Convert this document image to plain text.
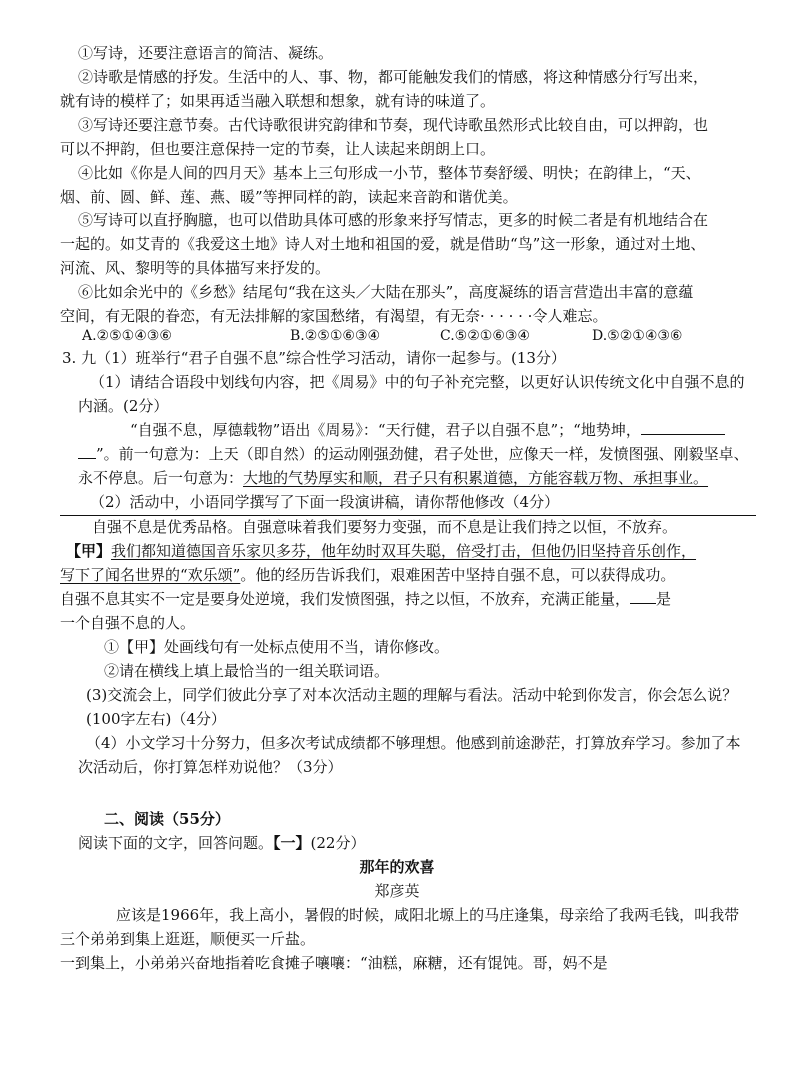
①写诗，还要注意语言的简洁、凝练。
②诗歌是情感的抒发。生活中的人、事、物，都可能触发我们的情感，将这种情感分行写出来，
就有诗的模样了；如果再适当融入联想和想象，就有诗的味道了。
③写诗还要注意节奏。古代诗歌很讲究韵律和节奏，现代诗歌虽然形式比较自由，可以押韵，也
可以不押韵，但也要注意保持一定的节奏，让人读起来朗朗上口。
④比如《你是人间的四月天》基本上三句形成一小节，整体节奏舒缓、明快；在韵律上，“天、
烟、前、圆、鲜、莲、燕、暖”等押同样的韵，读起来音韵和谐优美。
⑤写诗可以直抒胸臆，也可以借助具体可感的形象来抒写情志，更多的时候二者是有机地结合在
一起的。如艾青的《我爱这土地》诗人对土地和祖国的爱，就是借助“鸟”这一形象，通过对土地、
河流、风、黎明等的具体描写来抒发的。
⑥比如余光中的《乡愁》结尾句“我在这头／大陆在那头”，高度凝练的语言营造出丰富的意蕴
空间，有无限的眷恋，有无法排解的家国愁绪，有渴望，有无奈· · · · · ·令人难忘。
A.②⑤①④③⑥	B.②⑤①⑥③④	C.⑤②①⑥③④	D.⑤②①④③⑥
3. 九（1）班举行“君子自强不息”综合性学习活动，请你一起参与。(13分）
（1）请结合语段中划线句内容，把《周易》中的句子补充完整，以更好认识传统文化中自强不息的
内涵。(2分）
“自强不息，厚德载物”语出《周易》：“天行健，君子以自强不息”；“地势坤，
”。前一句意为：上天（即自然）的运动刚强劲健，君子处世，应像天一样，发愤图强、刚毅坚卓、
永不停息。后一句意为：大地的气势厚实和顺，君子只有积累道德，方能容载万物、承担事业。
（2）活动中，小语同学撰写了下面一段演讲稿，请你帮他修改（4分）
自强不息是优秀品格。自强意味着我们要努力变强，而不息是让我们持之以恒，不放弃。
【甲】我们都知道德国音乐家贝多芬，他年幼时双耳失聪，倍受打击，但他仍旧坚持音乐创作，
写下了闻名世界的“欢乐颂”。他的经历告诉我们，艰难困苦中坚持自强不息，可以获得成功。
自强不息其实不一定是要身处逆境，我们发愤图强，持之以恒，不放弃，充满正能量， 是
一个自强不息的人。
①【甲】处画线句有一处标点使用不当，请你修改。
②请在横线上填上最恰当的一组关联词语。
(3)交流会上，同学们彼此分享了对本次活动主题的理解与看法。活动中轮到你发言，你会怎么说？
(100字左右)（4分）
（4）小文学习十分努力，但多次考试成绩都不够理想。他感到前途渺茫，打算放弃学习。参加了本
次活动后，你打算怎样劝说他？（3分）
二、阅读（55分）
阅读下面的文字，回答问题。【一】(22分）
那年的欢喜
郑彦英
应该是1966年，我上高小，暑假的时候，咸阳北塬上的马庄逢集，母亲给了我两毛钱，叫我带
三个弟弟到集上逛逛，顺便买一斤盐。
一到集上，小弟弟兴奋地指着吃食摊子嚷嚷：“油糕，麻糖，还有馄饨。哥，妈不是
